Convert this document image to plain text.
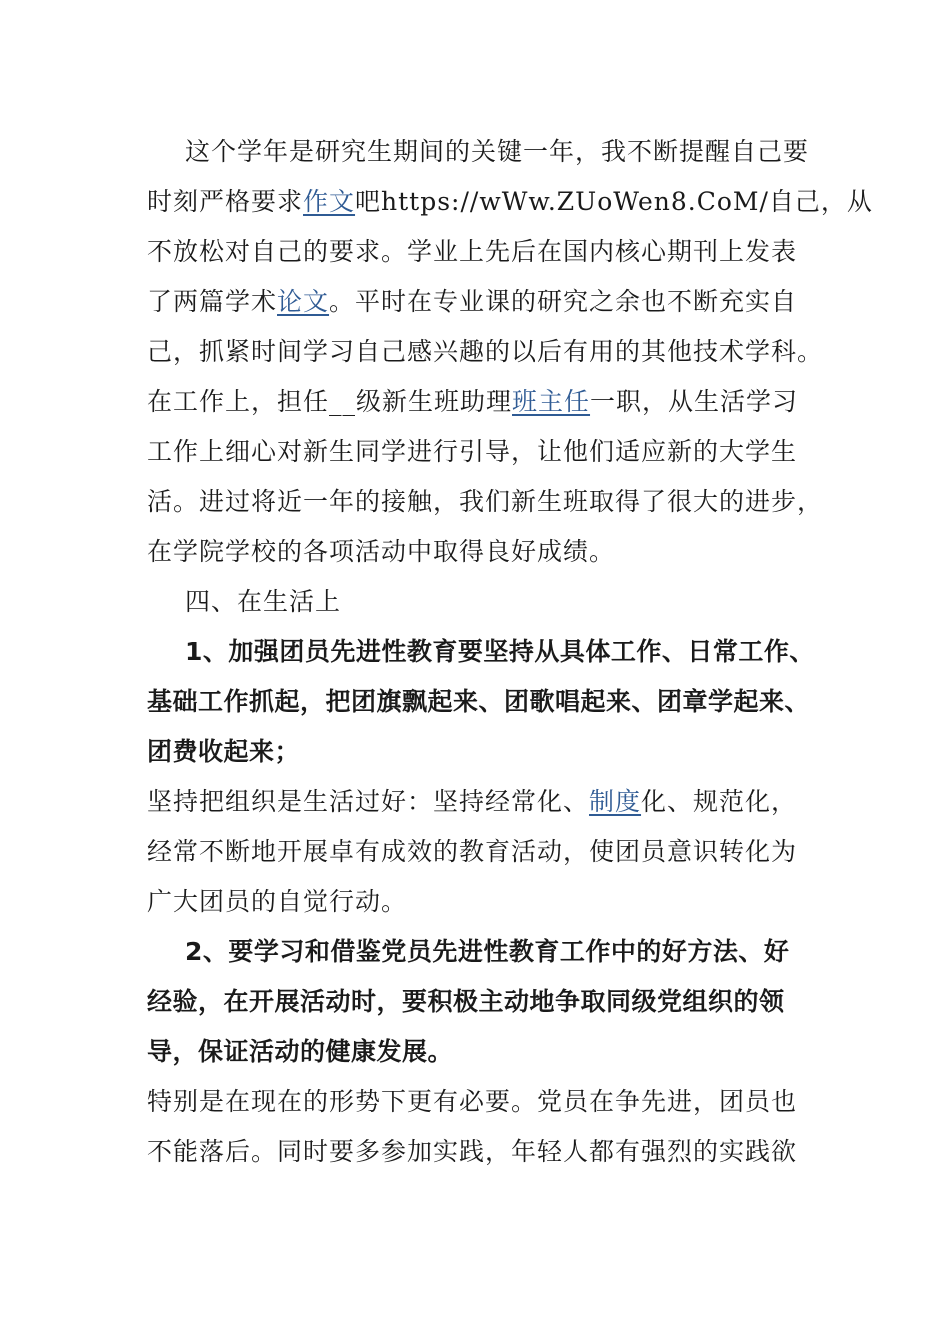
这个学年是研究生期间的关键一年，我不断提醒自己要
时刻严格要求作文吧https://wWw.ZUoWen8.CoM/自己，从
不放松对自己的要求。学业上先后在国内核心期刊上发表
了两篇学术论文。平时在专业课的研究之余也不断充实自
己，抓紧时间学习自己感兴趣的以后有用的其他技术学科。
在工作上，担任__级新生班助理班主任一职，从生活学习
工作上细心对新生同学进行引导，让他们适应新的大学生
活。进过将近一年的接触，我们新生班取得了很大的进步，
在学院学校的各项活动中取得良好成绩。
四、在生活上
1、加强团员先进性教育要坚持从具体工作、日常工作、
基础工作抓起，把团旗飘起来、团歌唱起来、团章学起来、
团费收起来；
坚持把组织是生活过好：坚持经常化、制度化、规范化，
经常不断地开展卓有成效的教育活动，使团员意识转化为
广大团员的自觉行动。
2、要学习和借鉴党员先进性教育工作中的好方法、好
经验，在开展活动时，要积极主动地争取同级党组织的领
导，保证活动的健康发展。
特别是在现在的形势下更有必要。党员在争先进，团员也
不能落后。同时要多参加实践，年轻人都有强烈的实践欲
